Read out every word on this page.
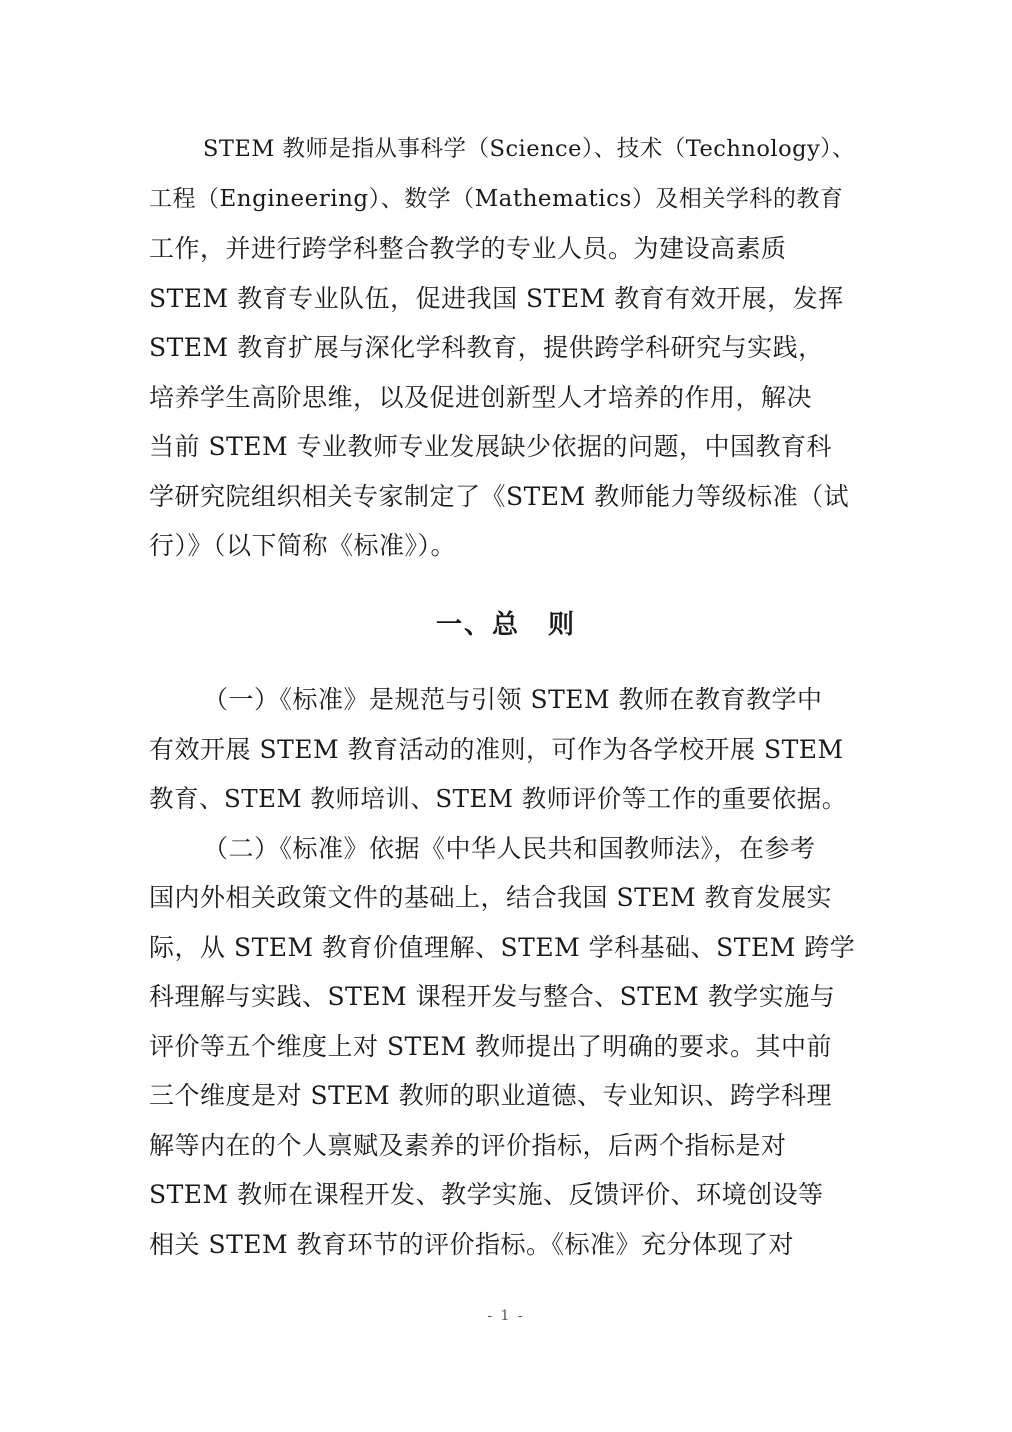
STEM 教师是指从事科学（Science）、技术（Technology）、
工程（Engineering）、数学（Mathematics）及相关学科的教育
工作，并进行跨学科整合教学的专业人员。为建设高素质
STEM 教育专业队伍，促进我国 STEM 教育有效开展，发挥
STEM 教育扩展与深化学科教育，提供跨学科研究与实践，
培养学生高阶思维，以及促进创新型人才培养的作用，解决
当前 STEM 专业教师专业发展缺少依据的问题，中国教育科
学研究院组织相关专家制定了《STEM 教师能力等级标准（试
行）》（以下简称《标准》）。
一、总　则
（一）《标准》是规范与引领 STEM 教师在教育教学中
有效开展 STEM 教育活动的准则，可作为各学校开展 STEM
教育、STEM 教师培训、STEM 教师评价等工作的重要依据。
（二）《标准》依据《中华人民共和国教师法》，在参考
国内外相关政策文件的基础上，结合我国 STEM 教育发展实
际，从 STEM 教育价值理解、STEM 学科基础、STEM 跨学
科理解与实践、STEM 课程开发与整合、STEM 教学实施与
评价等五个维度上对 STEM 教师提出了明确的要求。其中前
三个维度是对 STEM 教师的职业道德、专业知识、跨学科理
解等内在的个人禀赋及素养的评价指标，后两个指标是对
STEM 教师在课程开发、教学实施、反馈评价、环境创设等
相关 STEM 教育环节的评价指标。《标准》充分体现了对
- 1 -
